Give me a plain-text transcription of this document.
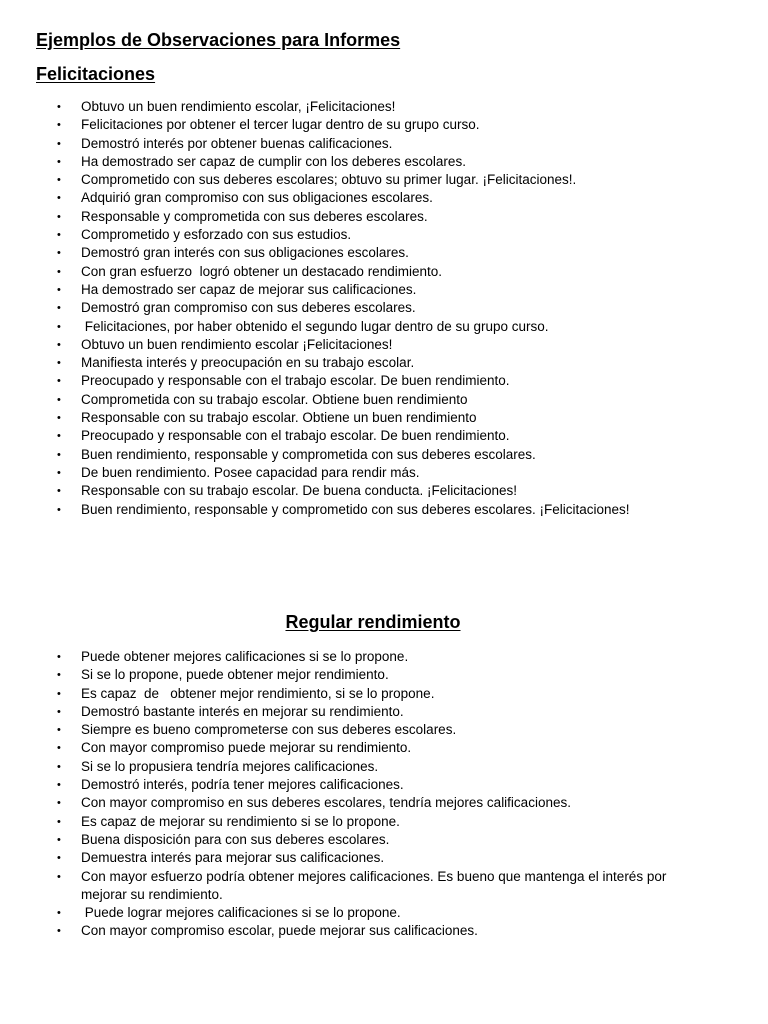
Ejemplos de Observaciones para Informes
Felicitaciones
• Obtuvo un buen rendimiento escolar, ¡Felicitaciones!
• Felicitaciones por obtener el tercer lugar dentro de su grupo curso.
• Demostró interés por obtener buenas calificaciones.
• Ha demostrado ser capaz de cumplir con los deberes escolares.
• Comprometido con sus deberes escolares; obtuvo su primer lugar. ¡Felicitaciones!.
• Adquirió gran compromiso con sus obligaciones escolares.
• Responsable y comprometida con sus deberes escolares.
• Comprometido y esforzado con sus estudios.
• Demostró gran interés con sus obligaciones escolares.
• Con gran esfuerzo  logró obtener un destacado rendimiento.
• Ha demostrado ser capaz de mejorar sus calificaciones.
• Demostró gran compromiso con sus deberes escolares.
• Felicitaciones, por haber obtenido el segundo lugar dentro de su grupo curso.
• Obtuvo un buen rendimiento escolar ¡Felicitaciones!
• Manifiesta interés y preocupación en su trabajo escolar.
• Preocupado y responsable con el trabajo escolar. De buen rendimiento.
• Comprometida con su trabajo escolar. Obtiene buen rendimiento
• Responsable con su trabajo escolar. Obtiene un buen rendimiento
• Preocupado y responsable con el trabajo escolar. De buen rendimiento.
• Buen rendimiento, responsable y comprometida con sus deberes escolares.
• De buen rendimiento. Posee capacidad para rendir más.
• Responsable con su trabajo escolar. De buena conducta. ¡Felicitaciones!
• Buen rendimiento, responsable y comprometido con sus deberes escolares. ¡Felicitaciones!
Regular rendimiento
• Puede obtener mejores calificaciones si se lo propone.
• Si se lo propone, puede obtener mejor rendimiento.
• Es capaz  de   obtener mejor rendimiento, si se lo propone.
• Demostró bastante interés en mejorar su rendimiento.
• Siempre es bueno comprometerse con sus deberes escolares.
• Con mayor compromiso puede mejorar su rendimiento.
• Si se lo propusiera tendría mejores calificaciones.
• Demostró interés, podría tener mejores calificaciones.
• Con mayor compromiso en sus deberes escolares, tendría mejores calificaciones.
• Es capaz de mejorar su rendimiento si se lo propone.
• Buena disposición para con sus deberes escolares.
• Demuestra interés para mejorar sus calificaciones.
• Con mayor esfuerzo podría obtener mejores calificaciones. Es bueno que mantenga el interés por mejorar su rendimiento.
• Puede lograr mejores calificaciones si se lo propone.
• Con mayor compromiso escolar, puede mejorar sus calificaciones.
